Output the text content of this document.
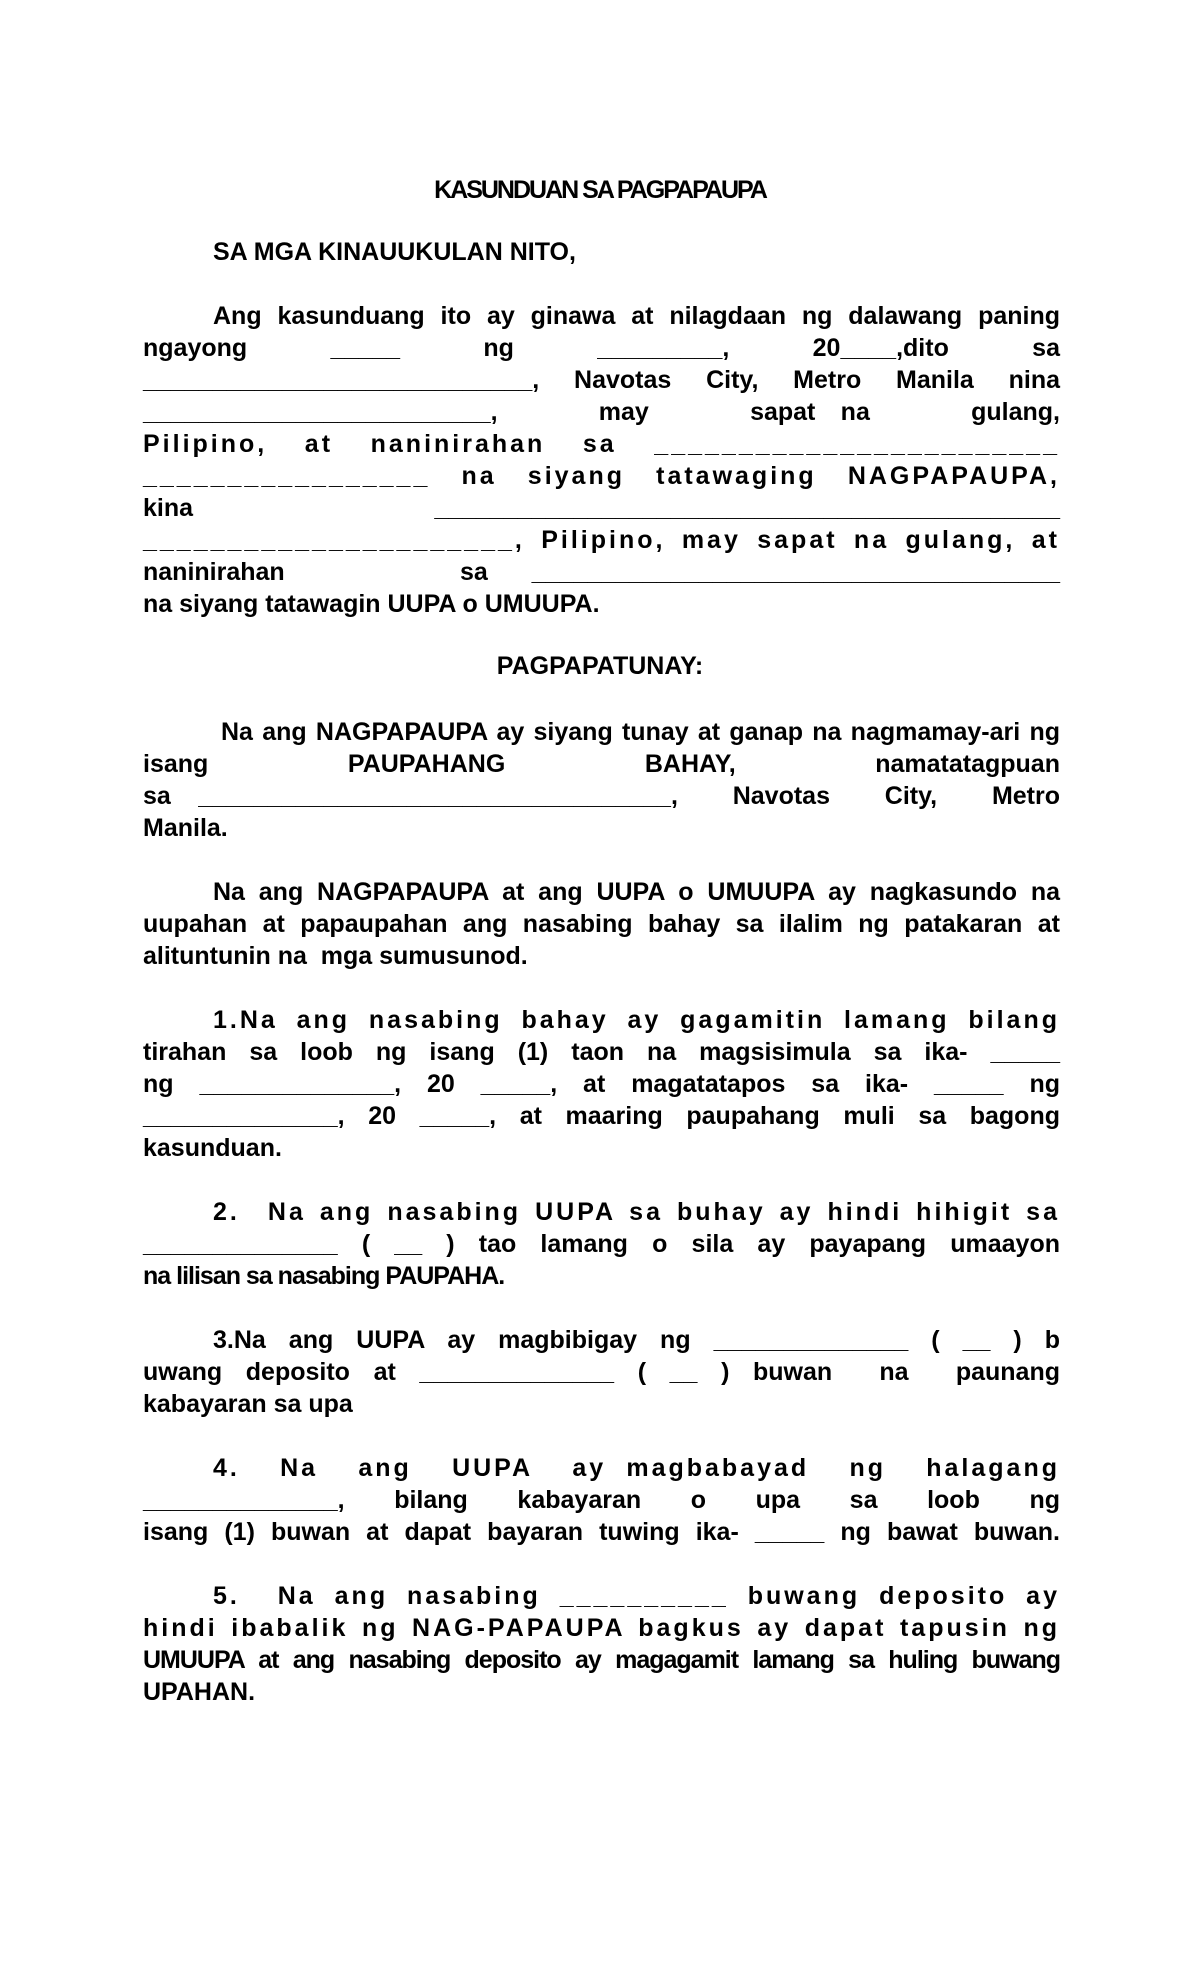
KASUNDUAN SA PAGPAPAUPA
SA MGA KINAUUKULAN NITO,
Ang kasunduang ito ay ginawa at nilagdaan ng dalawang paning
ngayong  _____  ng  _________,  20____,dito  sa
____________________________, Navotas City, Metro Manila nina
_________________________,    may    sapat na    gulang,
Pilipino, at naninirahan sa ________________________
_________________ na siyang tatawaging NAGPAPAUPA,
kina _____________________________________________
______________________, Pilipino, may sapat na gulang, at
naninirahan    sa ______________________________________
na siyang tatawagin UUPA o UMUUPA.
PAGPAPATUNAY:
Na ang NAGPAPAUPA ay siyang tunay at ganap na nagmamay-ari ng
isang    PAUPAHANG    BAHAY,    namatatagpuan
sa __________________________________,  Navotas  City,  Metro
Manila.
Na ang NAGPAPAUPA at ang UUPA o UMUUPA ay nagkasundo na
uupahan at papaupahan ang nasabing bahay sa ilalim ng patakaran at
alituntunin na  mga sumusunod.
1.Na ang nasabing bahay ay gagamitin lamang bilang
tirahan sa loob ng isang (1) taon na magsisimula sa ika- _____
ng ______________, 20 _____, at magatatapos sa ika- _____ ng
______________, 20 _____, at maaring paupahang muli sa bagong
kasunduan.
2.  Na ang nasabing UUPA sa buhay ay hindi hihigit sa
______________ ( __ ) tao lamang o sila ay payapang umaayon
na lilisan sa nasabing PAUPAHA.
3.Na ang UUPA ay magbibigay ng ______________ ( __ ) b
uwang deposito at ______________ ( __ ) buwan  na  paunang
kabayaran sa upa
4.  Na  ang  UUPA  ay magbabayad  ng  halagang
______________,  bilang  kabayaran  o  upa  sa  loob  ng
isang (1) buwan at dapat bayaran tuwing ika- _____ ng bawat buwan.
5.  Na ang nasabing __________ buwang deposito ay
hindi ibabalik ng NAG-PAPAUPA bagkus ay dapat tapusin ng
UMUUPA at ang nasabing deposito ay magagamit lamang sa huling buwang
UPAHAN.
